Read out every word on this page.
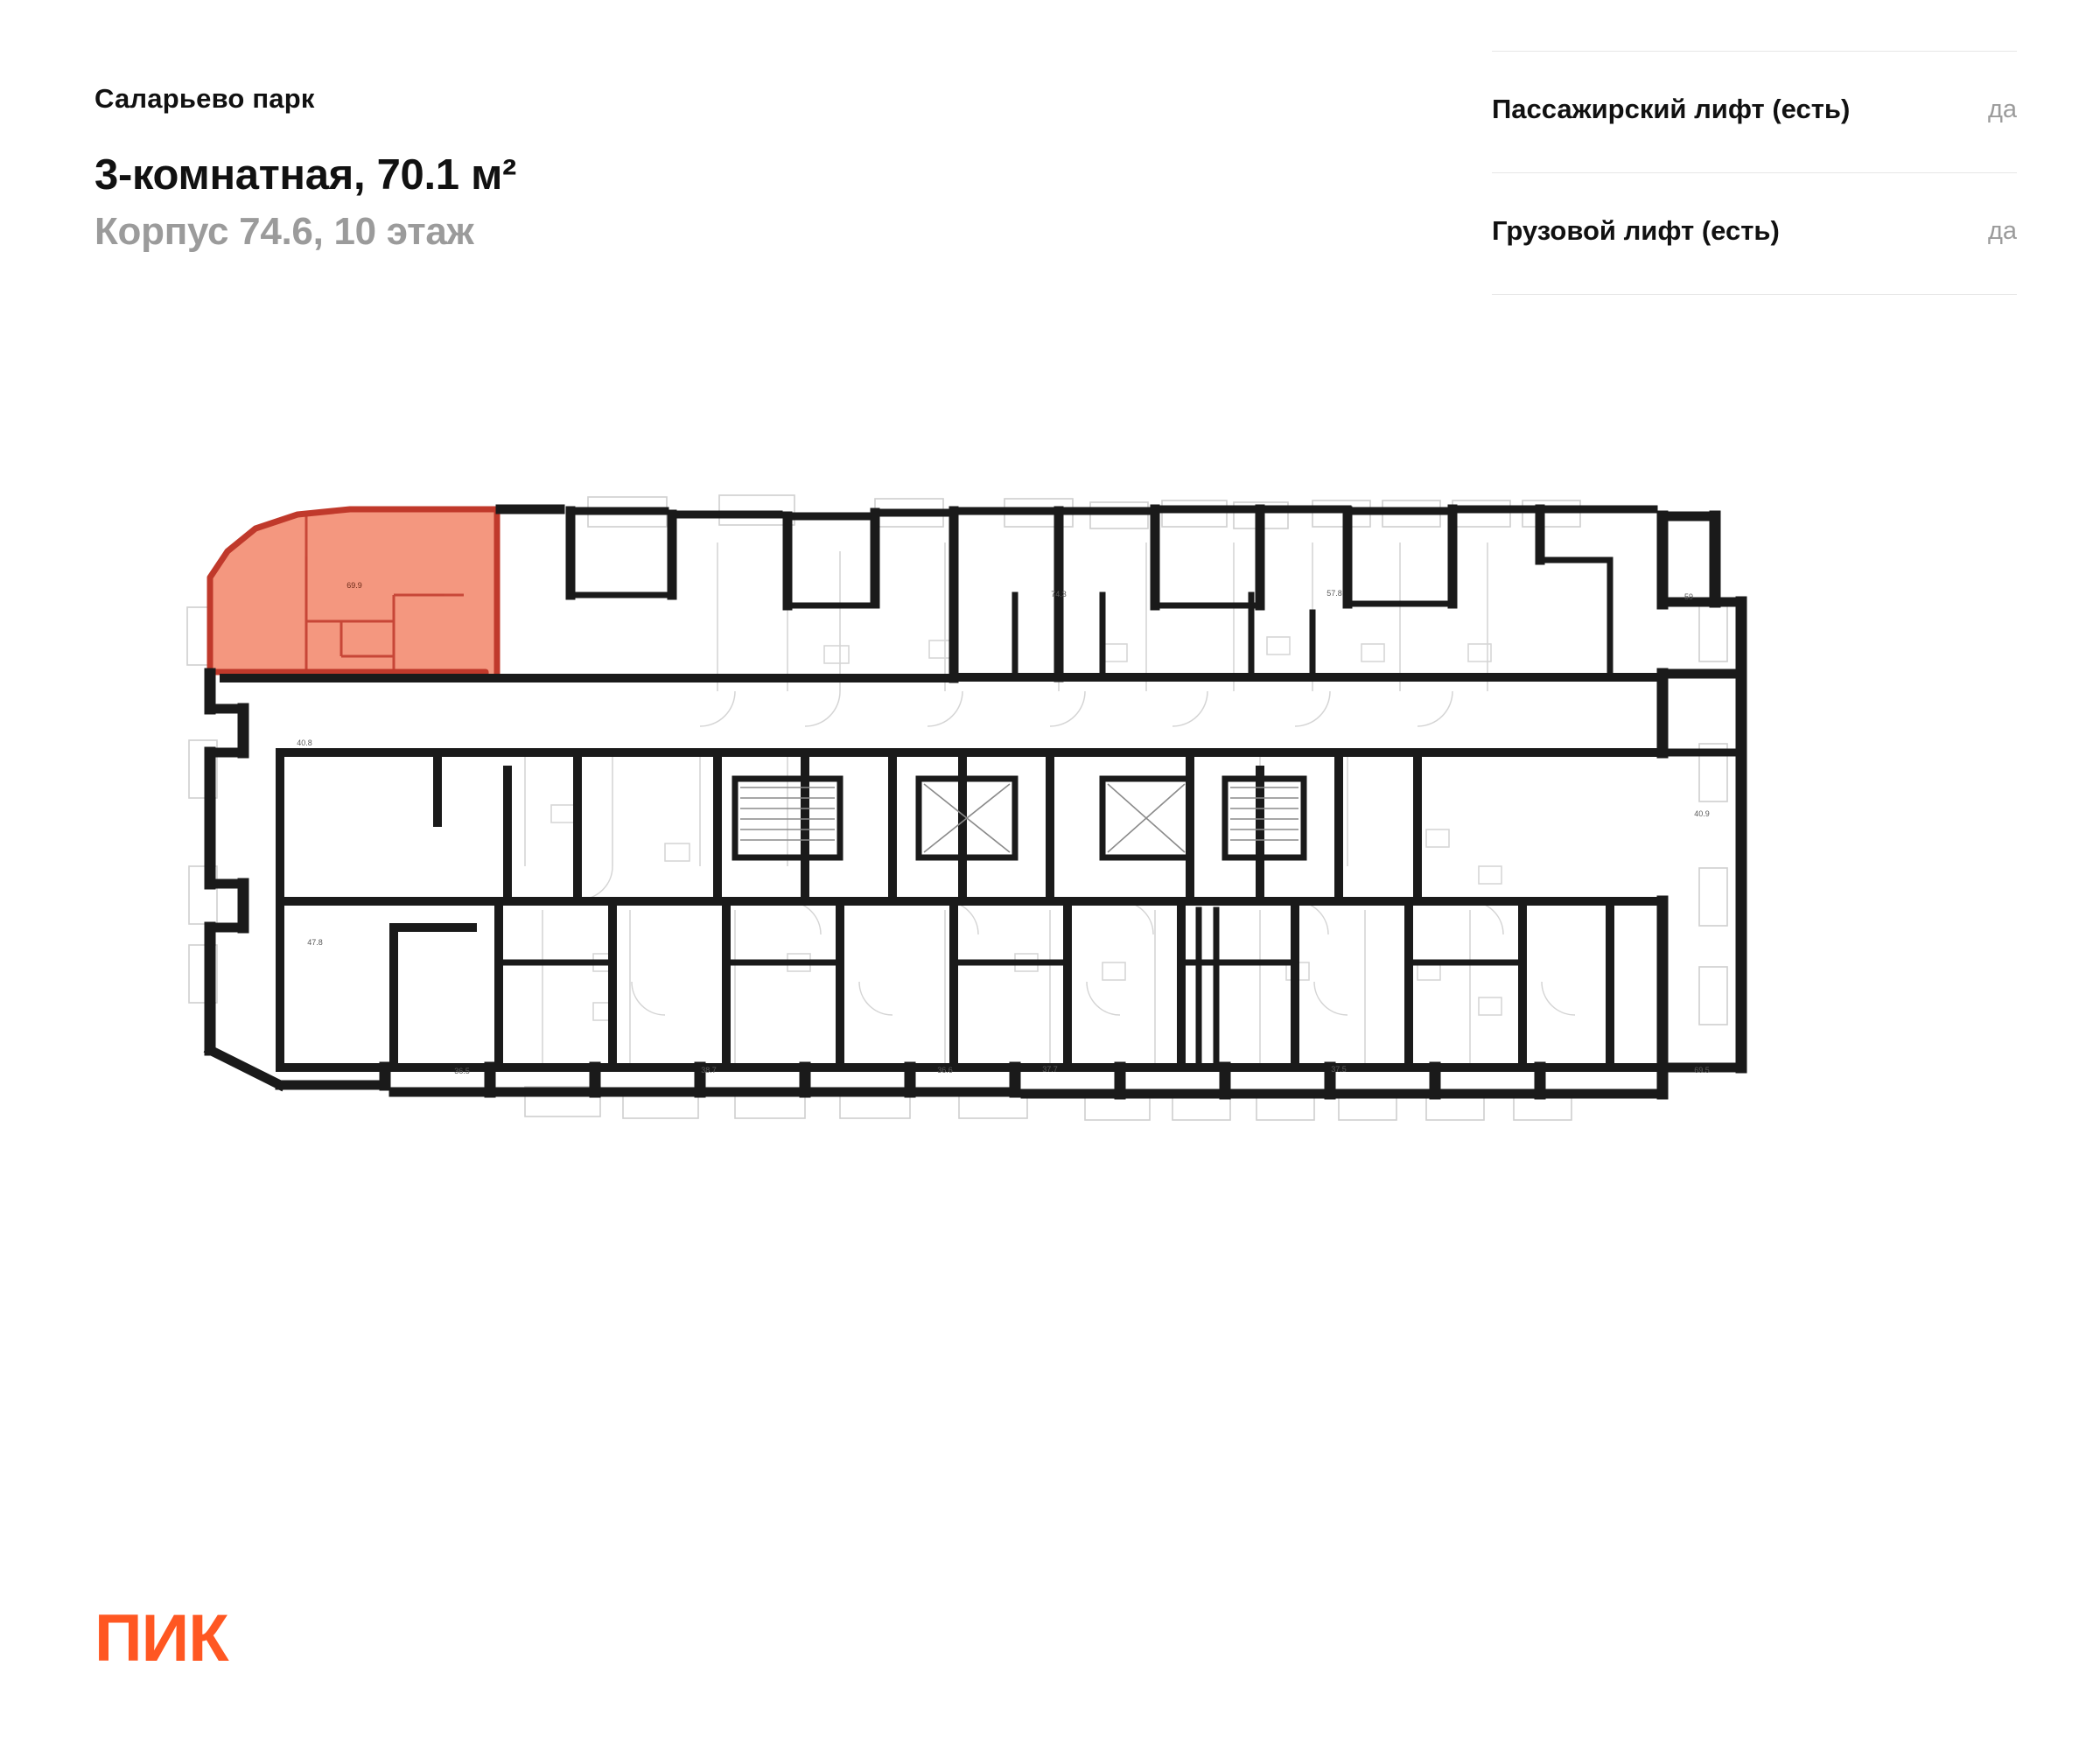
Саларьево парк
3-комнатная, 70.1 м²
Корпус 74.6, 10 этаж
Пассажирский лифт (есть)	да
Грузовой лифт (есть)	да
69.9
74.3	57.8	59
40.8
40.9
47.8
36.5	38.7	36.6	37.7	37.5	69.5
ПИК
